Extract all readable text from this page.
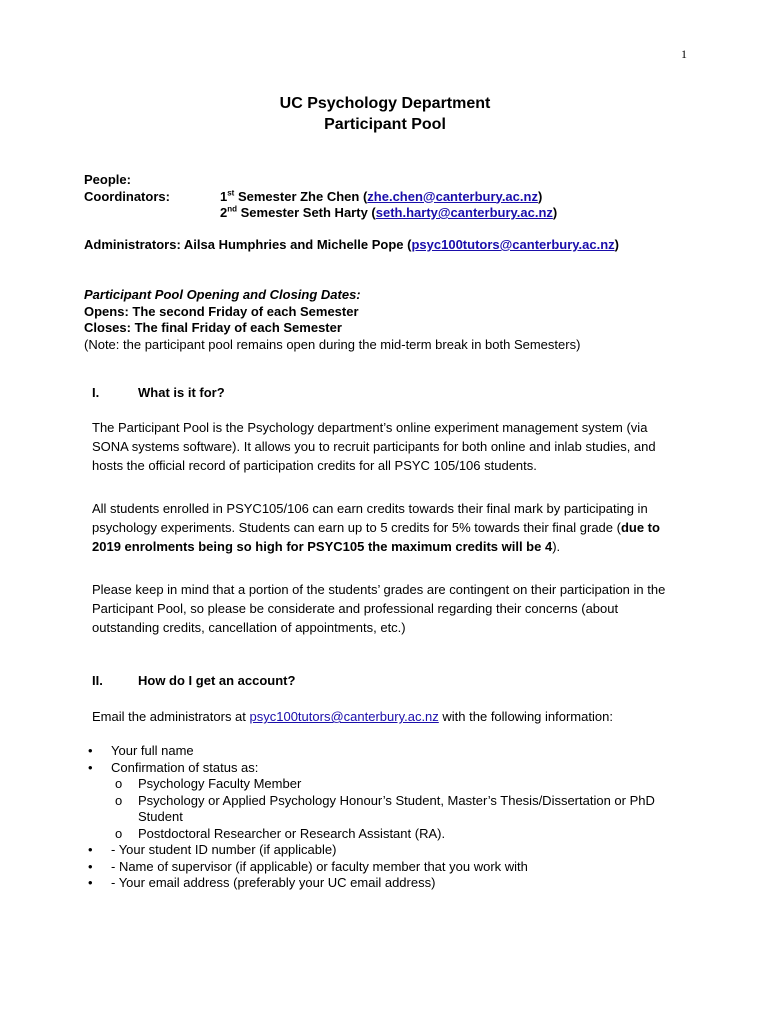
1
UC Psychology Department
Participant Pool
People:
Coordinators:	1st Semester Zhe Chen (zhe.chen@canterbury.ac.nz)
2nd Semester Seth Harty (seth.harty@canterbury.ac.nz)
Administrators: Ailsa Humphries and Michelle Pope (psyc100tutors@canterbury.ac.nz)
Participant Pool Opening and Closing Dates:
Opens: The second Friday of each Semester
Closes: The final Friday of each Semester
(Note: the participant pool remains open during the mid-term break in both Semesters)
I.	What is it for?
The Participant Pool is the Psychology department’s online experiment management system (via SONA systems software). It allows you to recruit participants for both online and inlab studies, and hosts the official record of participation credits for all PSYC 105/106 students.
All students enrolled in PSYC105/106 can earn credits towards their final mark by participating in psychology experiments. Students can earn up to 5 credits for 5% towards their final grade (due to 2019 enrolments being so high for PSYC105 the maximum credits will be 4).
Please keep in mind that a portion of the students’ grades are contingent on their participation in the Participant Pool, so please be considerate and professional regarding their concerns (about outstanding credits, cancellation of appointments, etc.)
II.	How do I get an account?
Email the administrators at psyc100tutors@canterbury.ac.nz with the following information:
• Your full name
• Confirmation of status as:
o Psychology Faculty Member
o Psychology or Applied Psychology Honour’s Student, Master’s Thesis/Dissertation or PhD Student
o Postdoctoral Researcher or Research Assistant (RA).
• - Your student ID number (if applicable)
• - Name of supervisor (if applicable) or faculty member that you work with
• - Your email address (preferably your UC email address)
